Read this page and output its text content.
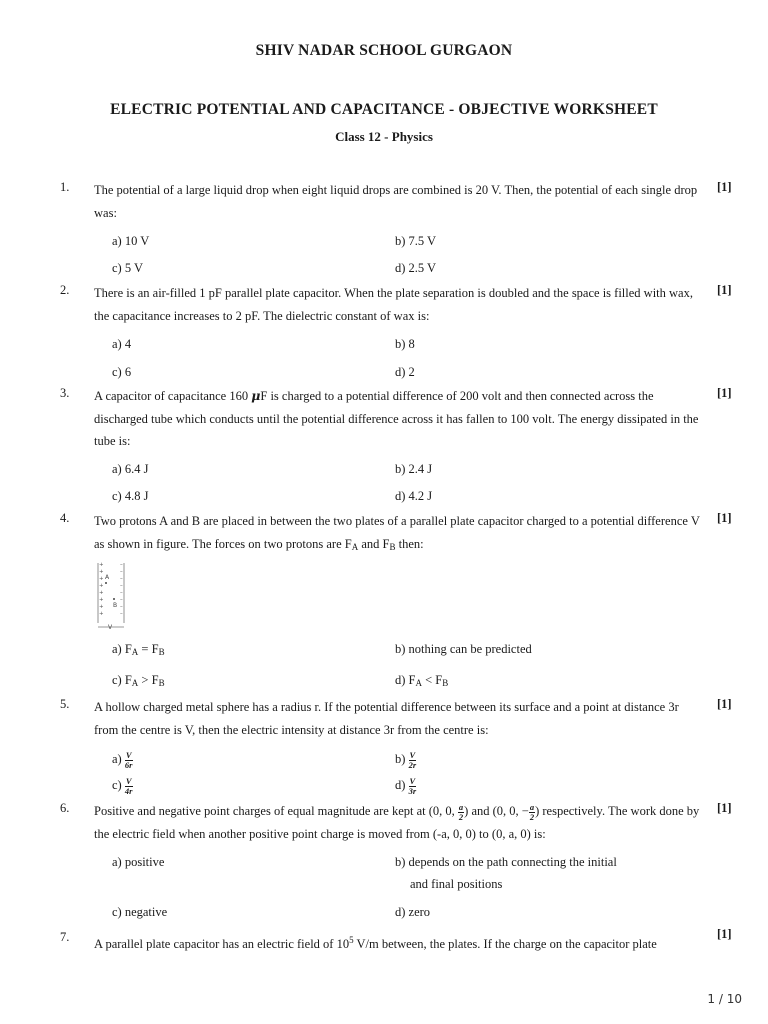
SHIV NADAR SCHOOL GURGAON
ELECTRIC POTENTIAL AND CAPACITANCE - OBJECTIVE WORKSHEET
Class 12 - Physics
1. The potential of a large liquid drop when eight liquid drops are combined is 20 V. Then, the potential of each single drop was:
[1]
a) 10 V	b) 7.5 V
c) 5 V	d) 2.5 V
2. There is an air-filled 1 pF parallel plate capacitor. When the plate separation is doubled and the space is filled with wax, the capacitance increases to 2 pF. The dielectric constant of wax is:
[1]
a) 4	b) 8
c) 6	d) 2
3. A capacitor of capacitance 160 μF is charged to a potential difference of 200 volt and then connected across the discharged tube which conducts until the potential difference across it has fallen to 100 volt. The energy dissipated in the tube is:
[1]
a) 6.4 J	b) 2.4 J
c) 4.8 J	d) 4.2 J
4. Two protons A and B are placed in between the two plates of a parallel plate capacitor charged to a potential difference V as shown in figure. The forces on two protons are $F_A$ and $F_B$ then:
[1]
+
+
+
+
+
+
+
+
–
–
–
–
–
–
–
–
A
B
V
a) $F_A = F_B$	b) nothing can be predicted
c) $F_A > F_B$	d) $F_A < F_B$
5. A hollow charged metal sphere has a radius r. If the potential difference between its surface and a point at distance 3r from the centre is V, then the electric intensity at distance 3r from the centre is:
[1]
$a) \frac{V}{6r}$	$b) \frac{V}{2r}$
$c) \frac{V}{4r}$	$d) \frac{V}{3r}$
6. Positive and negative point charges of equal magnitude are kept at (0, 0, $\frac{a}{2}$ ) and (0, 0, − $\frac{a}{2}$ ) respectively. The work done by the electric field when another positive point charge is moved from (-a, 0, 0) to (0, a, 0) is:
[1]
a) positive	b) depends on the path connecting the initial
and final positions
c) negative	d) zero
7. A parallel plate capacitor has an electric field of $10^5$ V/m between, the plates. If the charge on the capacitor plate
[1]
1 / 10
